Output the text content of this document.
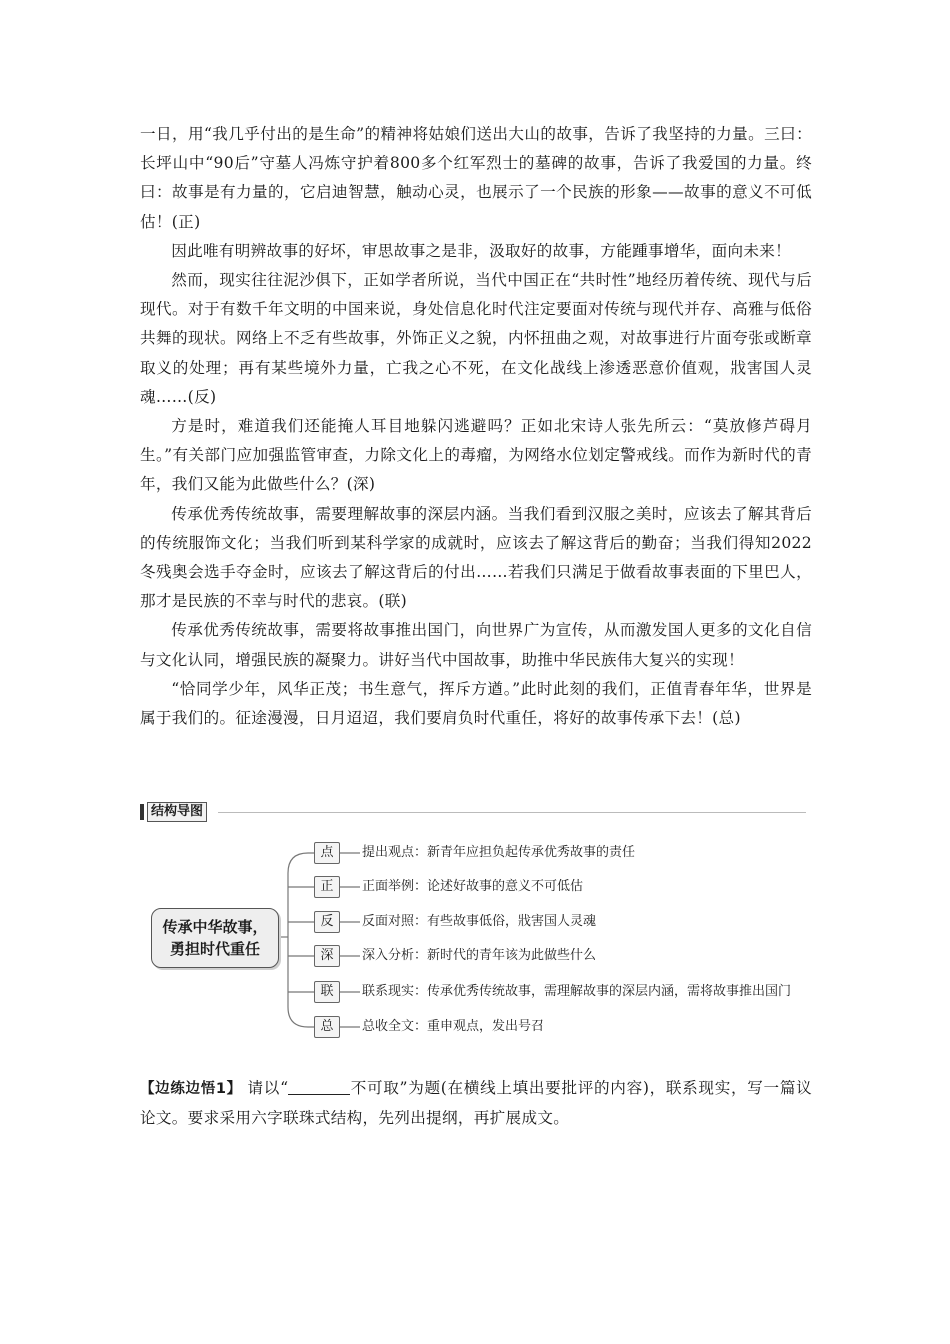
一日，用“我几乎付出的是生命”的精神将姑娘们送出大山的故事，告诉了我坚持的力量。三曰：长坪山中“90后”守墓人冯炼守护着800多个红军烈士的墓碑的故事，告诉了我爱国的力量。终曰：故事是有力量的，它启迪智慧，触动心灵，也展示了一个民族的形象——故事的意义不可低估！(正)

因此唯有明辨故事的好坏，审思故事之是非，汲取好的故事，方能踵事增华，面向未来！

然而，现实往往泥沙俱下，正如学者所说，当代中国正在“共时性”地经历着传统、现代与后现代。对于有数千年文明的中国来说，身处信息化时代注定要面对传统与现代并存、高雅与低俗共舞的现状。网络上不乏有些故事，外饰正义之貌，内怀扭曲之观，对故事进行片面夸张或断章取义的处理；再有某些境外力量，亡我之心不死，在文化战线上渗透恶意价值观，戕害国人灵魂……(反)

方是时，难道我们还能掩人耳目地躲闪逃避吗？正如北宋诗人张先所云：“莫放修芦碍月生。”有关部门应加强监管审查，力除文化上的毒瘤，为网络水位划定警戒线。而作为新时代的青年，我们又能为此做些什么？(深)

传承优秀传统故事，需要理解故事的深层内涵。当我们看到汉服之美时，应该去了解其背后的传统服饰文化；当我们听到某科学家的成就时，应该去了解这背后的勤奋；当我们得知2022冬残奥会选手夺金时，应该去了解这背后的付出……若我们只满足于做看故事表面的下里巴人，那才是民族的不幸与时代的悲哀。(联)

传承优秀传统故事，需要将故事推出国门，向世界广为宣传，从而激发国人更多的文化自信与文化认同，增强民族的凝聚力。讲好当代中国故事，助推中华民族伟大复兴的实现！

“恰同学少年，风华正茂；书生意气，挥斥方遒。”此时此刻的我们，正值青春年华，世界是属于我们的。征途漫漫，日月迢迢，我们要肩负时代重任，将好的故事传承下去！(总)

结构导图
传承中华故事，
勇担时代重任
点	提出观点：新青年应担负起传承优秀故事的责任
正	正面举例：论述好故事的意义不可低估
反	反面对照：有些故事低俗，戕害国人灵魂
深	深入分析：新时代的青年该为此做些什么
联	联系现实：传承优秀传统故事，需理解故事的深层内涵，需将故事推出国门
总	总收全文：重申观点，发出号召
【边练边悟1】 请以“	不可取”为题(在横线上填出要批评的内容)，联系现实，写一篇议论文。要求采用六字联珠式结构，先列出提纲，再扩展成文。
